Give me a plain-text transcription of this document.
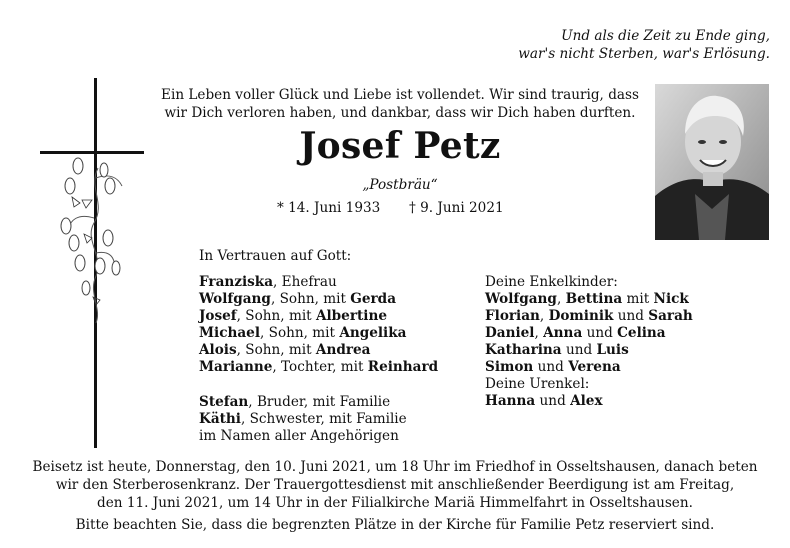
Und als die Zeit zu Ende ging,
war's nicht Sterben, war's Erlösung.
Ein Leben voller Glück und Liebe ist vollendet. Wir sind traurig, dass
wir Dich verloren haben, und dankbar, dass wir Dich haben durften.
Josef Petz
„Postbräu“
* 14. Juni 1933 † 9. Juni 2021
In Vertrauen auf Gott:
Franziska, Ehefrau
Wolfgang, Sohn, mit Gerda
Josef, Sohn, mit Albertine
Michael, Sohn, mit Angelika
Alois, Sohn, mit Andrea
Marianne, Tochter, mit Reinhard
Stefan, Bruder, mit Familie
Käthi, Schwester, mit Familie
im Namen aller Angehörigen
Deine Enkelkinder:
Wolfgang, Bettina mit Nick
Florian, Dominik und Sarah
Daniel, Anna und Celina
Katharina und Luis
Simon und Verena
Deine Urenkel:
Hanna und Alex
Beisetz ist heute, Donnerstag, den 10. Juni 2021, um 18 Uhr im Friedhof in Osseltshausen, danach beten
wir den Sterberosenkranz. Der Trauergottesdienst mit anschließender Beerdigung ist am Freitag,
den 11. Juni 2021, um 14 Uhr in der Filialkirche Mariä Himmelfahrt in Osseltshausen.
Bitte beachten Sie, dass die begrenzten Plätze in der Kirche für Familie Petz reserviert sind.
